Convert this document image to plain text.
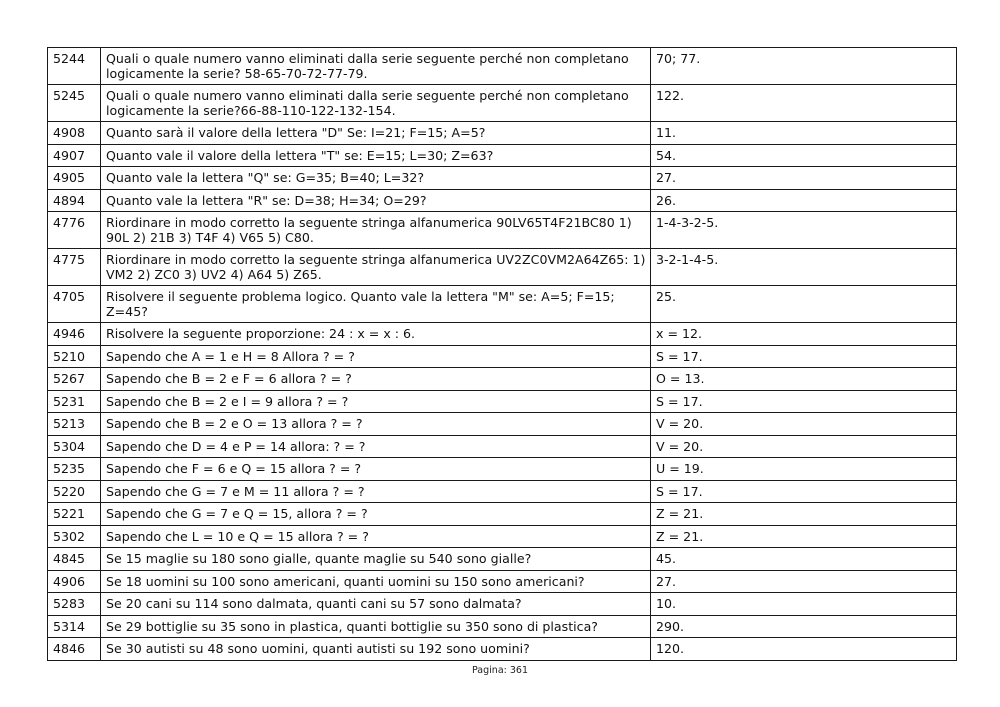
5244	Quali o quale numero vanno eliminati dalla serie seguente perché non completano
logicamente la serie? 58-65-70-72-77-79.	70; 77.
5245	Quali o quale numero vanno eliminati dalla serie seguente perché non completano
logicamente la serie?66-88-110-122-132-154.	122.
4908	Quanto sarà il valore della lettera "D" Se: I=21; F=15; A=5?	11.
4907	Quanto vale il valore della lettera "T" se: E=15; L=30; Z=63?	54.
4905	Quanto vale la lettera "Q" se: G=35; B=40; L=32?	27.
4894	Quanto vale la lettera "R" se: D=38; H=34; O=29?	26.
4776	Riordinare in modo corretto la seguente stringa alfanumerica 90LV65T4F21BC80 1)
90L 2) 21B 3) T4F 4) V65 5) C80.	1-4-3-2-5.
4775	Riordinare in modo corretto la seguente stringa alfanumerica UV2ZC0VM2A64Z65: 1)
VM2 2) ZC0 3) UV2 4) A64 5) Z65.	3-2-1-4-5.
4705	Risolvere il seguente problema logico. Quanto vale la lettera "M" se: A=5; F=15; Z=45?	25.
4946	Risolvere la seguente proporzione: 24 : x = x : 6.	x = 12.
5210	Sapendo che A = 1 e H = 8 Allora ? = ?	S = 17.
5267	Sapendo che B = 2 e F = 6 allora ? = ?	O = 13.
5231	Sapendo che B = 2 e I = 9 allora ? = ?	S = 17.
5213	Sapendo che B = 2 e O = 13 allora ? = ?	V = 20.
5304	Sapendo che D = 4 e P = 14 allora: ? = ?	V = 20.
5235	Sapendo che F = 6 e Q = 15 allora ? = ?	U = 19.
5220	Sapendo che G = 7 e M = 11 allora ? = ?	S = 17.
5221	Sapendo che G = 7 e Q = 15, allora ? = ?	Z = 21.
5302	Sapendo che L = 10 e Q = 15 allora ? = ?	Z = 21.
4845	Se 15 maglie su 180 sono gialle, quante maglie su 540 sono gialle?	45.
4906	Se 18 uomini su 100 sono americani, quanti uomini su 150 sono americani?	27.
5283	Se 20 cani su 114 sono dalmata, quanti cani su 57 sono dalmata?	10.
5314	Se 29 bottiglie su 35 sono in plastica, quanti bottiglie su 350 sono di plastica?	290.
4846	Se 30 autisti su 48 sono uomini, quanti autisti su 192 sono uomini?	120.
Pagina: 361
